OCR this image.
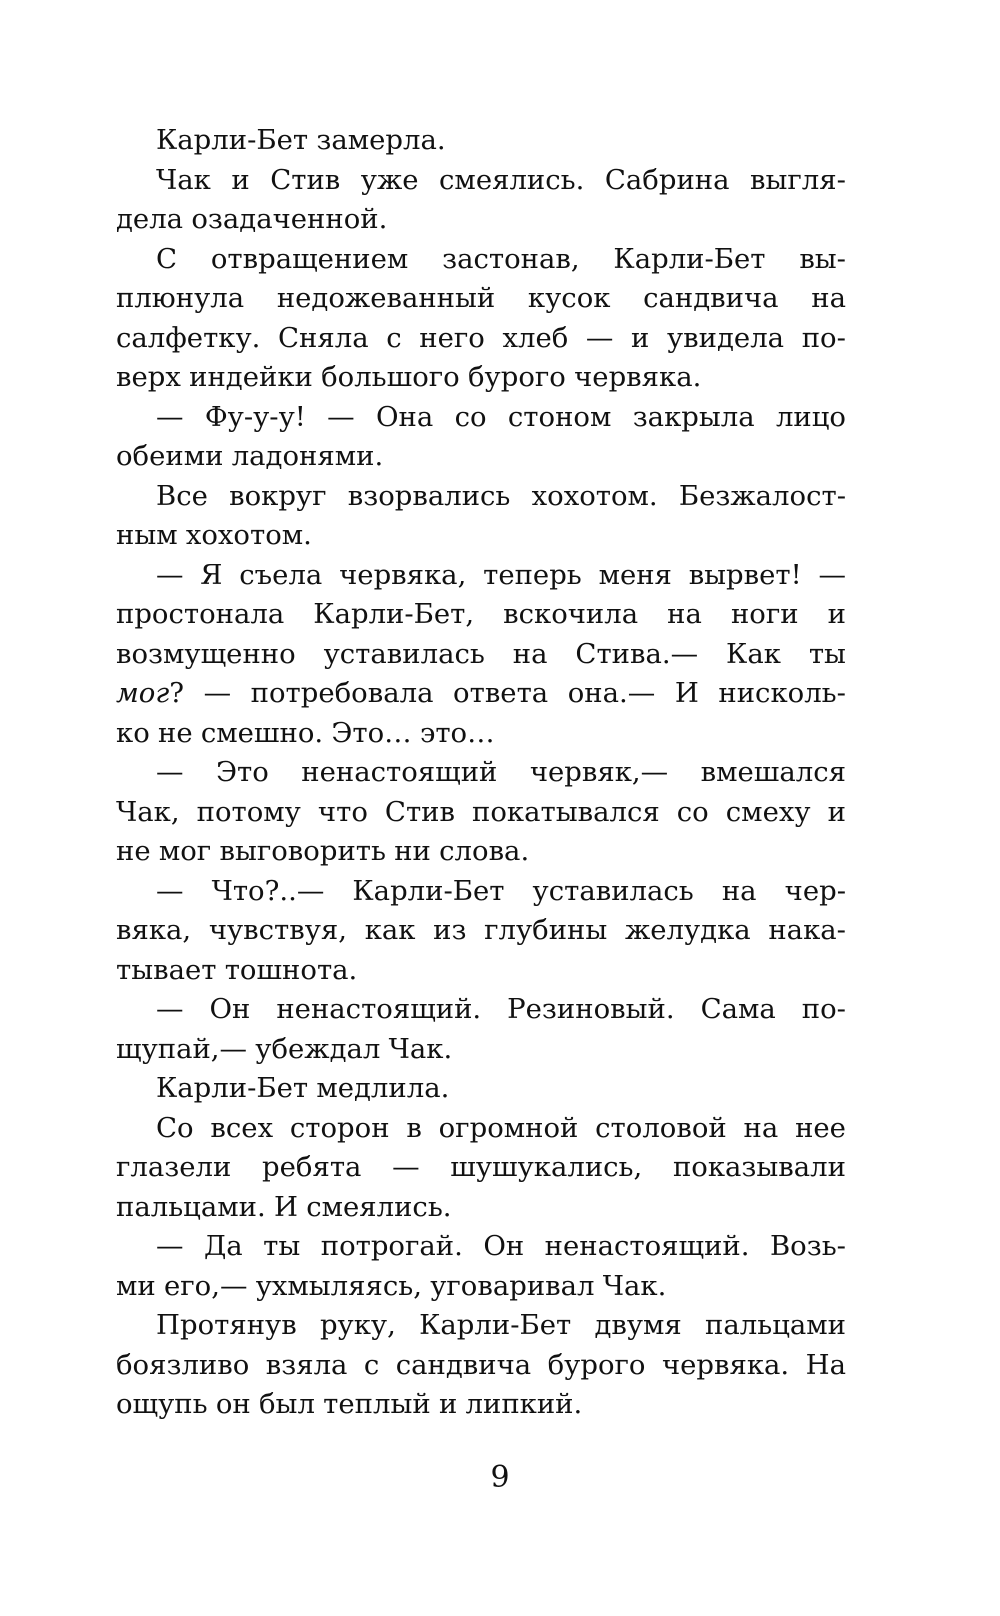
Карли-Бет замерла.
Чак и Стив уже смеялись. Сабрина выгля-
дела озадаченной.
С отвращением застонав, Карли-Бет вы-
плюнула недожеванный кусок сандвича на
салфетку. Сняла с него хлеб — и увидела по-
верх индейки большого бурого червяка.
— Фу-у-у! — Она со стоном закрыла лицо
обеими ладонями.
Все вокруг взорвались хохотом. Безжалост-
ным хохотом.
— Я съела червяка, теперь меня вырвет! —
простонала Карли-Бет, вскочила на ноги и
возмущенно уставилась на Стива.— Как ты
мог? — потребовала ответа она.— И нисколь-
ко не смешно. Это… это…
— Это ненастоящий червяк,— вмешался
Чак, потому что Стив покатывался со смеху и
не мог выговорить ни слова.
— Что?..— Карли-Бет уставилась на чер-
вяка, чувствуя, как из глубины желудка нака-
тывает тошнота.
— Он ненастоящий. Резиновый. Сама по-
щупай,— убеждал Чак.
Карли-Бет медлила.
Со всех сторон в огромной столовой на нее
глазели ребята — шушукались, показывали
пальцами. И смеялись.
— Да ты потрогай. Он ненастоящий. Возь-
ми его,— ухмыляясь, уговаривал Чак.
Протянув руку, Карли-Бет двумя пальцами
боязливо взяла с сандвича бурого червяка. На
ощупь он был теплый и липкий.
9
